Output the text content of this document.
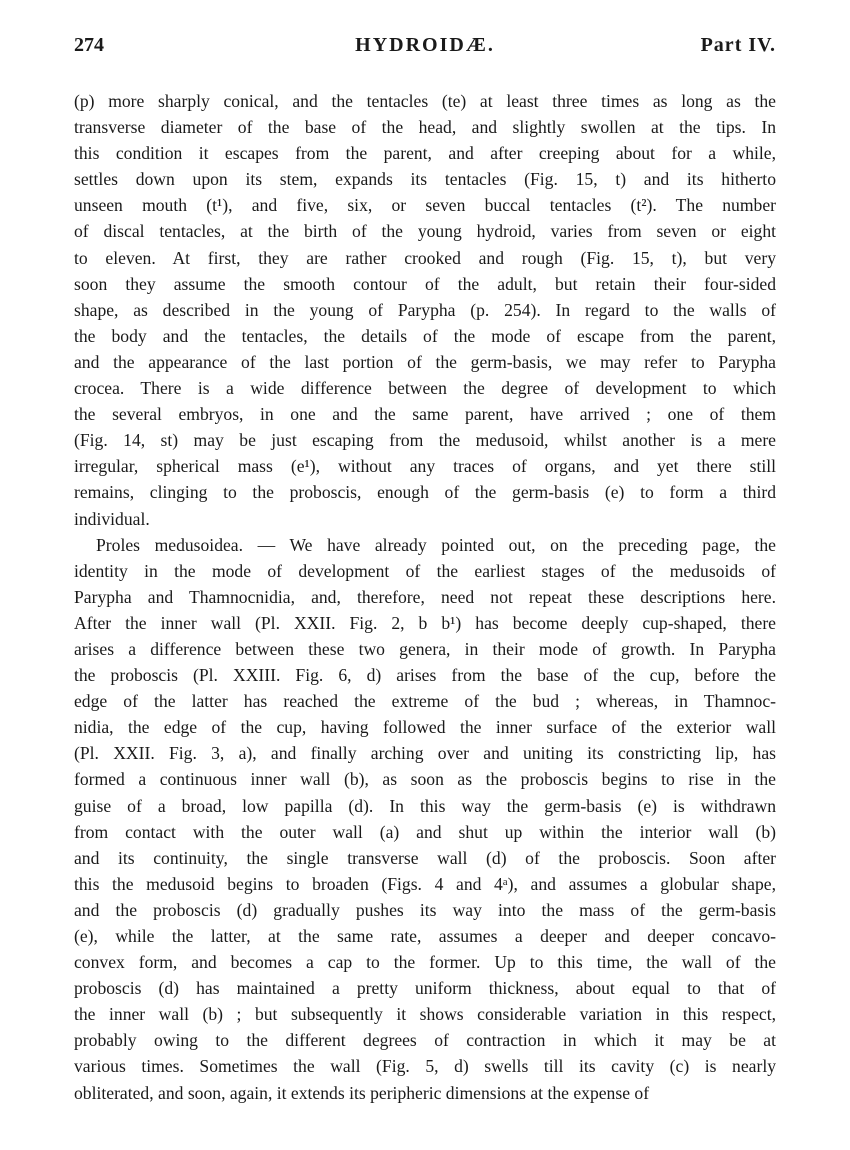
274	HYDROIDÆ.	Part IV.
(p) more sharply conical, and the tentacles (te) at least three times as long as the
transverse diameter of the base of the head, and slightly swollen at the tips. In
this condition it escapes from the parent, and after creeping about for a while,
settles down upon its stem, expands its tentacles (Fig. 15, t) and its hitherto
unseen mouth (t¹), and five, six, or seven buccal tentacles (t²). The number
of discal tentacles, at the birth of the young hydroid, varies from seven or eight
to eleven. At first, they are rather crooked and rough (Fig. 15, t), but very
soon they assume the smooth contour of the adult, but retain their four-sided
shape, as described in the young of Parypha (p. 254). In regard to the walls of
the body and the tentacles, the details of the mode of escape from the parent,
and the appearance of the last portion of the germ-basis, we may refer to Parypha
crocea. There is a wide difference between the degree of development to which
the several embryos, in one and the same parent, have arrived ; one of them
(Fig. 14, st) may be just escaping from the medusoid, whilst another is a mere
irregular, spherical mass (e¹), without any traces of organs, and yet there still
remains, clinging to the proboscis, enough of the germ-basis (e) to form a third
individual.
Proles medusoidea. — We have already pointed out, on the preceding page, the
identity in the mode of development of the earliest stages of the medusoids of
Parypha and Thamnocnidia, and, therefore, need not repeat these descriptions here.
After the inner wall (Pl. XXII. Fig. 2, b b¹) has become deeply cup-shaped, there
arises a difference between these two genera, in their mode of growth. In Parypha
the proboscis (Pl. XXIII. Fig. 6, d) arises from the base of the cup, before the
edge of the latter has reached the extreme of the bud ; whereas, in Thamnoc-
nidia, the edge of the cup, having followed the inner surface of the exterior wall
(Pl. XXII. Fig. 3, a), and finally arching over and uniting its constricting lip, has
formed a continuous inner wall (b), as soon as the proboscis begins to rise in the
guise of a broad, low papilla (d). In this way the germ-basis (e) is withdrawn
from contact with the outer wall (a) and shut up within the interior wall (b)
and its continuity, the single transverse wall (d) of the proboscis. Soon after
this the medusoid begins to broaden (Figs. 4 and 4ᵃ), and assumes a globular shape,
and the proboscis (d) gradually pushes its way into the mass of the germ-basis
(e), while the latter, at the same rate, assumes a deeper and deeper concavo-
convex form, and becomes a cap to the former. Up to this time, the wall of the
proboscis (d) has maintained a pretty uniform thickness, about equal to that of
the inner wall (b) ; but subsequently it shows considerable variation in this respect,
probably owing to the different degrees of contraction in which it may be at
various times. Sometimes the wall (Fig. 5, d) swells till its cavity (c) is nearly
obliterated, and soon, again, it extends its peripheric dimensions at the expense of
